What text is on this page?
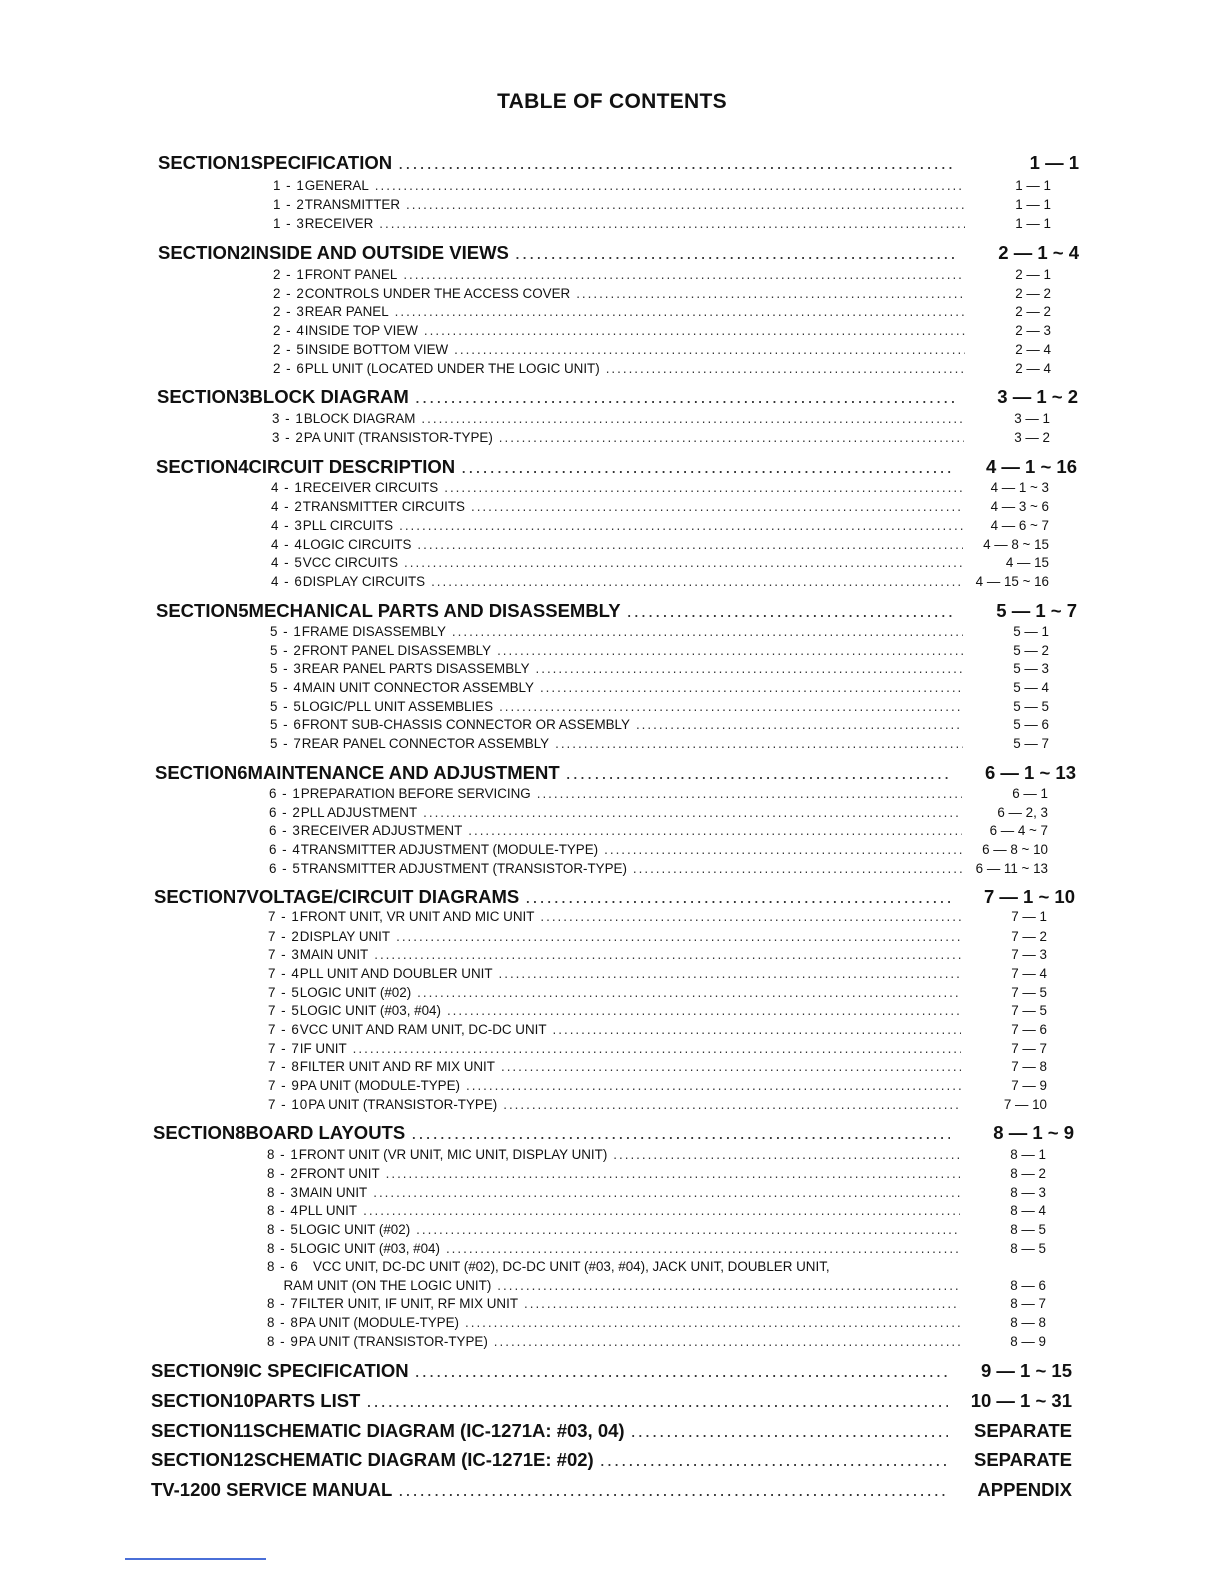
TABLE OF CONTENTS
SECTION 1 SPECIFICATION .....	1 — 1
1 - 1 GENERAL .....	1 — 1
1 - 2 TRANSMITTER .....	1 — 1
1 - 3 RECEIVER .....	1 — 1
SECTION 2 INSIDE AND OUTSIDE VIEWS .....	2 — 1 ~ 4
2 - 1 FRONT PANEL .....	2 — 1
2 - 2 CONTROLS UNDER THE ACCESS COVER .....	2 — 2
2 - 3 REAR PANEL .....	2 — 2
2 - 4 INSIDE TOP VIEW .....	2 — 3
2 - 5 INSIDE BOTTOM VIEW .....	2 — 4
2 - 6 PLL UNIT (LOCATED UNDER THE LOGIC UNIT) .....	2 — 4
SECTION 3 BLOCK DIAGRAM .....	3 — 1 ~ 2
3 - 1 BLOCK DIAGRAM .....	3 — 1
3 - 2 PA UNIT (TRANSISTOR-TYPE) .....	3 — 2
SECTION 4 CIRCUIT DESCRIPTION .....	4 — 1 ~ 16
4 - 1 RECEIVER CIRCUITS .....	4 — 1 ~ 3
4 - 2 TRANSMITTER CIRCUITS .....	4 — 3 ~ 6
4 - 3 PLL CIRCUITS .....	4 — 6 ~ 7
4 - 4 LOGIC CIRCUITS .....	4 — 8 ~ 15
4 - 5 VCC CIRCUITS .....	4 — 15
4 - 6 DISPLAY CIRCUITS .....	4 — 15 ~ 16
SECTION 5 MECHANICAL PARTS AND DISASSEMBLY .....	5 — 1 ~ 7
5 - 1 FRAME DISASSEMBLY .....	5 — 1
5 - 2 FRONT PANEL DISASSEMBLY .....	5 — 2
5 - 3 REAR PANEL PARTS DISASSEMBLY .....	5 — 3
5 - 4 MAIN UNIT CONNECTOR ASSEMBLY .....	5 — 4
5 - 5 LOGIC/PLL UNIT ASSEMBLIES .....	5 — 5
5 - 6 FRONT SUB-CHASSIS CONNECTOR OR ASSEMBLY .....	5 — 6
5 - 7 REAR PANEL CONNECTOR ASSEMBLY .....	5 — 7
SECTION 6 MAINTENANCE AND ADJUSTMENT .....	6 — 1 ~ 13
6 - 1 PREPARATION BEFORE SERVICING .....	6 — 1
6 - 2 PLL ADJUSTMENT .....	6 — 2, 3
6 - 3 RECEIVER ADJUSTMENT .....	6 — 4 ~ 7
6 - 4 TRANSMITTER ADJUSTMENT (MODULE-TYPE) .....	6 — 8 ~ 10
6 - 5 TRANSMITTER ADJUSTMENT (TRANSISTOR-TYPE) .....	6 — 11 ~ 13
SECTION 7 VOLTAGE/CIRCUIT DIAGRAMS .....	7 — 1 ~ 10
7 - 1 FRONT UNIT, VR UNIT AND MIC UNIT .....	7 — 1
7 - 2 DISPLAY UNIT .....	7 — 2
7 - 3 MAIN UNIT .....	7 — 3
7 - 4 PLL UNIT AND DOUBLER UNIT .....	7 — 4
7 - 5 LOGIC UNIT (#02) .....	7 — 5
7 - 5 LOGIC UNIT (#03, #04) .....	7 — 5
7 - 6 VCC UNIT AND RAM UNIT, DC-DC UNIT .....	7 — 6
7 - 7 IF UNIT .....	7 — 7
7 - 8 FILTER UNIT AND RF MIX UNIT .....	7 — 8
7 - 9 PA UNIT (MODULE-TYPE) .....	7 — 9
7 - 10 PA UNIT (TRANSISTOR-TYPE) .....	7 — 10
SECTION 8 BOARD LAYOUTS .....	8 — 1 ~ 9
8 - 1 FRONT UNIT (VR UNIT, MIC UNIT, DISPLAY UNIT) .....	8 — 1
8 - 2 FRONT UNIT .....	8 — 2
8 - 3 MAIN UNIT .....	8 — 3
8 - 4 PLL UNIT .....	8 — 4
8 - 5 LOGIC UNIT (#02) .....	8 — 5
8 - 5 LOGIC UNIT (#03, #04) .....	8 — 5
8 - 6 VCC UNIT, DC-DC UNIT (#02), DC-DC UNIT (#03, #04), JACK UNIT, DOUBLER UNIT,
RAM UNIT (ON THE LOGIC UNIT) .....	8 — 6
8 - 7 FILTER UNIT, IF UNIT, RF MIX UNIT .....	8 — 7
8 - 8 PA UNIT (MODULE-TYPE) .....	8 — 8
8 - 9 PA UNIT (TRANSISTOR-TYPE) .....	8 — 9
SECTION 9 IC SPECIFICATION .....	9 — 1 ~ 15
SECTION 10 PARTS LIST .....	10 — 1 ~ 31
SECTION 11 SCHEMATIC DIAGRAM (IC-1271A: #03, 04) .....	SEPARATE
SECTION 12 SCHEMATIC DIAGRAM (IC-1271E: #02) .....	SEPARATE
TV-1200 SERVICE MANUAL .....	APPENDIX
